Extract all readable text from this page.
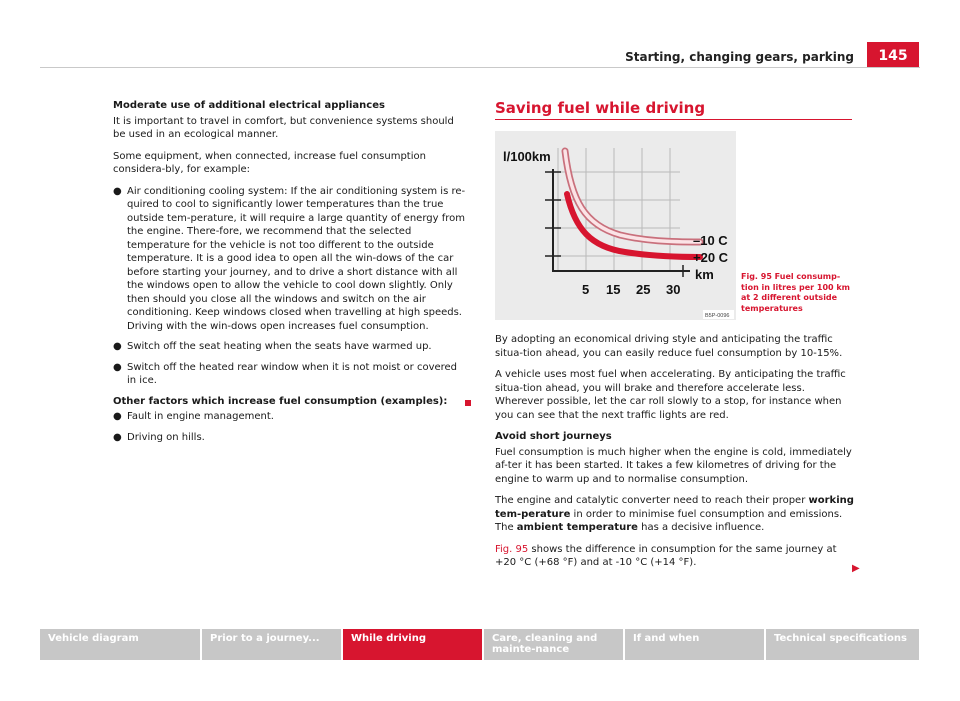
Starting, changing gears, parking	145

Moderate use of additional electrical appliances

It is important to travel in comfort, but convenience systems should be used in an ecological manner.

Some equipment, when connected, increase fuel consumption considera-bly, for example:

● Air conditioning cooling system: If the air conditioning system is re-quired to cool to significantly lower temperatures than the true outside tem-perature, it will require a large quantity of energy from the engine. There-fore, we recommend that the selected temperature for the vehicle is not too different to the outside temperature. It is a good idea to open all the win-dows of the car before starting your journey, and to drive a short distance with all the windows open to allow the vehicle to cool down slightly. Only then should you close all the windows and switch on the air conditioning. Keep windows closed when travelling at high speeds. Driving with the win-dows open increases fuel consumption.
● Switch off the seat heating when the seats have warmed up.
● Switch off the heated rear window when it is not moist or covered in ice.

Other factors which increase fuel consumption (examples):

● Fault in engine management.
● Driving on hills.
Saving fuel while driving
l/100km
km
–10 C
+20 C
5 15 25 30
B5P-0096
Fig. 95 Fuel consump-tion in litres per 100 km at 2 different outside temperatures

By adopting an economical driving style and anticipating the traffic situa-tion ahead, you can easily reduce fuel consumption by 10-15%.

A vehicle uses most fuel when accelerating. By anticipating the traffic situa-tion ahead, you will brake and therefore accelerate less. Wherever possible, let the car roll slowly to a stop, for instance when you can see that the next traffic lights are red.

Avoid short journeys

Fuel consumption is much higher when the engine is cold, immediately af-ter it has been started. It takes a few kilometres of driving for the engine to warm up and to normalise consumption.

The engine and catalytic converter need to reach their proper working tem-perature in order to minimise fuel consumption and emissions. The ambient temperature has a decisive influence.

Fig. 95 shows the difference in consumption for the same journey at +20 °C (+68 °F) and at -10 °C (+14 °F).

▶
Vehicle diagram	Prior to a journey...	While driving	Care, cleaning and mainte-nance
If and when	Technical specifications
